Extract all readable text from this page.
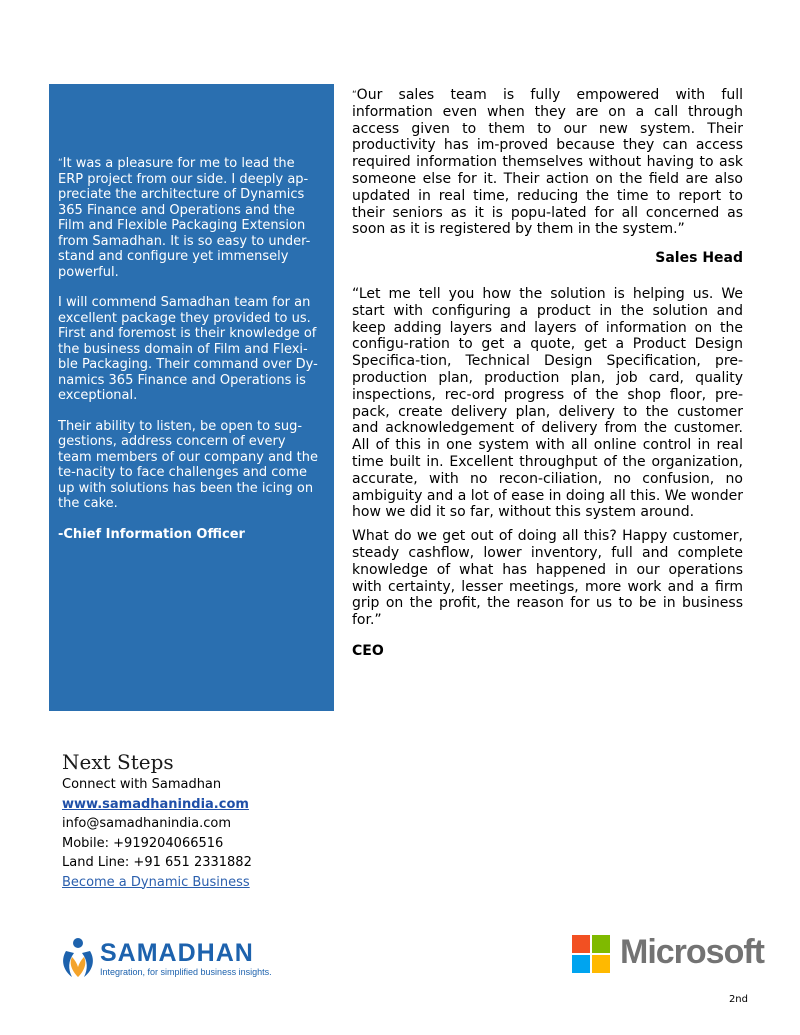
“It was a pleasure for me to lead the ERP project from our side. I deeply ap-preciate the architecture of Dynamics 365 Finance and Operations and the Film and Flexible Packaging Extension from Samadhan. It is so easy to under-stand and configure yet immensely powerful.

I will commend Samadhan team for an excellent package they provided to us. First and foremost is their knowledge of the business domain of Film and Flexi-ble Packaging. Their command over Dy-namics 365 Finance and Operations is exceptional.

Their ability to listen, be open to sug-gestions, address concern of every team members of our company and the te-nacity to face challenges and come up with solutions has been the icing on the cake.

-Chief Information Officer

“Our sales team is fully empowered with full information even when they are on a call through access given to them to our new system. Their productivity has im-proved because they can access required information themselves without having to ask someone else for it. Their action on the field are also updated in real time, reducing the time to report to their seniors as it is popu-lated for all concerned as soon as it is registered by them in the system.”

Sales Head

“Let me tell you how the solution is helping us. We start with configuring a product in the solution and keep adding layers and layers of information on the configu-ration to get a quote, get a Product Design Specifica-tion, Technical Design Specification, pre-production plan, production plan, job card, quality inspections, rec-ord progress of the shop floor, pre-pack, create delivery plan, delivery to the customer and acknowledgement of delivery from the customer. All of this in one system with all online control in real time built in. Excellent throughput of the organization, accurate, with no recon-ciliation, no confusion, no ambiguity and a lot of ease in doing all this. We wonder how we did it so far, without this system around.

What do we get out of doing all this? Happy customer, steady cashflow, lower inventory, full and complete knowledge of what has happened in our operations with certainty, lesser meetings, more work and a firm grip on the profit, the reason for us to be in business for.”

CEO

Next Steps

Connect with Samadhan

www.samadhanindia.com

info@samadhanindia.com

Mobile: +919204066516

Land Line: +91 651 2331882

Become a Dynamic Business

SAMADHAN
Integration, for simplified business insights.
Microsoft
2nd
